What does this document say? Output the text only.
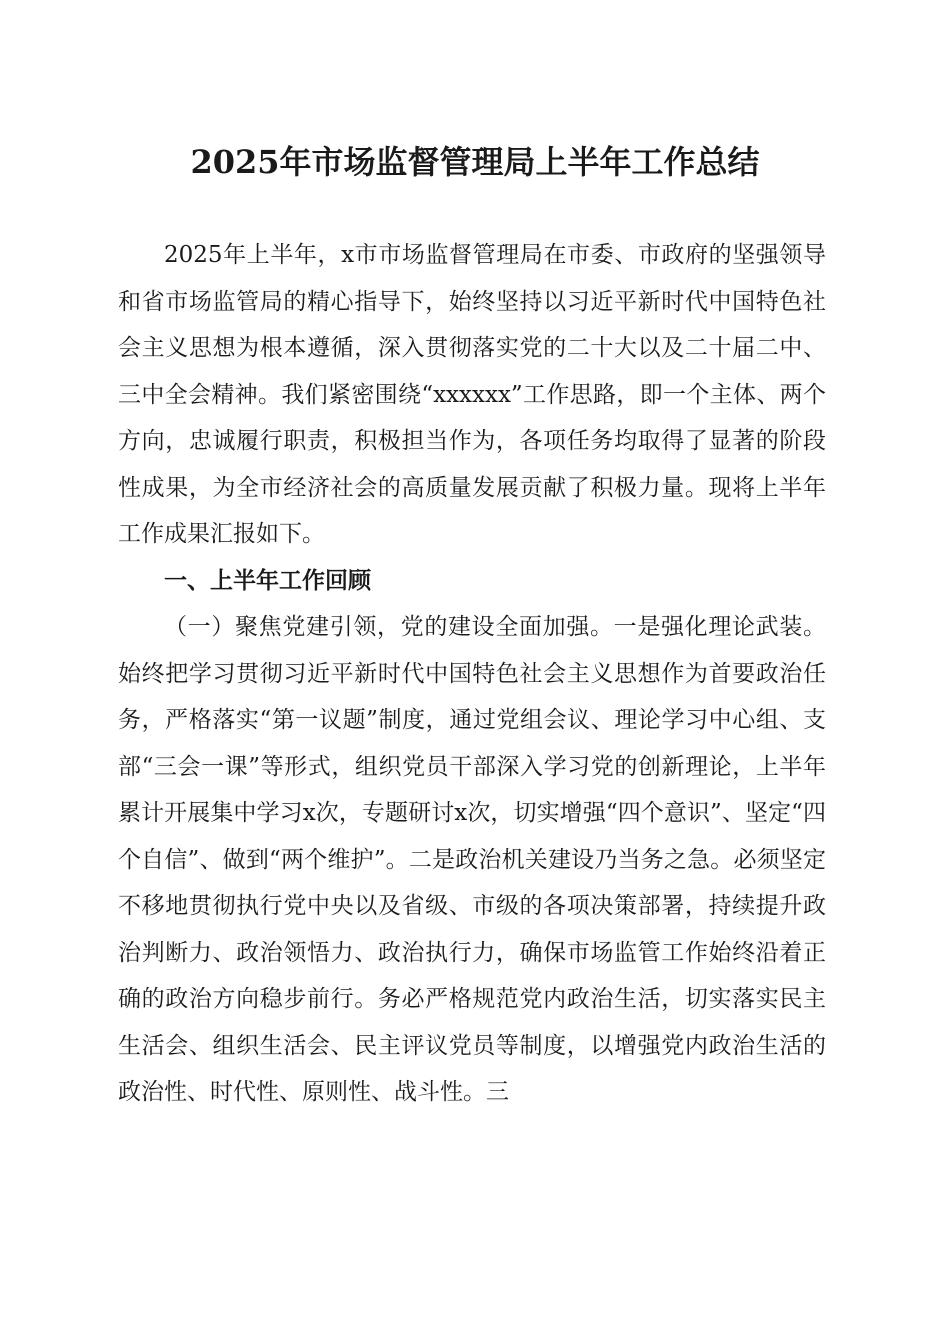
2025年市场监督管理局上半年工作总结

2025年上半年，x市市场监督管理局在市委、市政府的坚强领导和省市场监管局的精心指导下，始终坚持以习近平新时代中国特色社会主义思想为根本遵循，深入贯彻落实党的二十大以及二十届二中、三中全会精神。我们紧密围绕“xxxxxx”工作思路，即一个主体、两个方向，忠诚履行职责，积极担当作为，各项任务均取得了显著的阶段性成果，为全市经济社会的高质量发展贡献了积极力量。现将上半年工作成果汇报如下。

一、上半年工作回顾

（一）聚焦党建引领，党的建设全面加强。一是强化理论武装。始终把学习贯彻习近平新时代中国特色社会主义思想作为首要政治任务，严格落实“第一议题”制度，通过党组会议、理论学习中心组、支部“三会一课”等形式，组织党员干部深入学习党的创新理论，上半年累计开展集中学习x次，专题研讨x次，切实增强“四个意识”、坚定“四个自信”、做到“两个维护”。二是政治机关建设乃当务之急。必须坚定不移地贯彻执行党中央以及省级、市级的各项决策部署，持续提升政治判断力、政治领悟力、政治执行力，确保市场监管工作始终沿着正确的政治方向稳步前行。务必严格规范党内政治生活，切实落实民主生活会、组织生活会、民主评议党员等制度，以增强党内政治生活的政治性、时代性、原则性、战斗性。三
